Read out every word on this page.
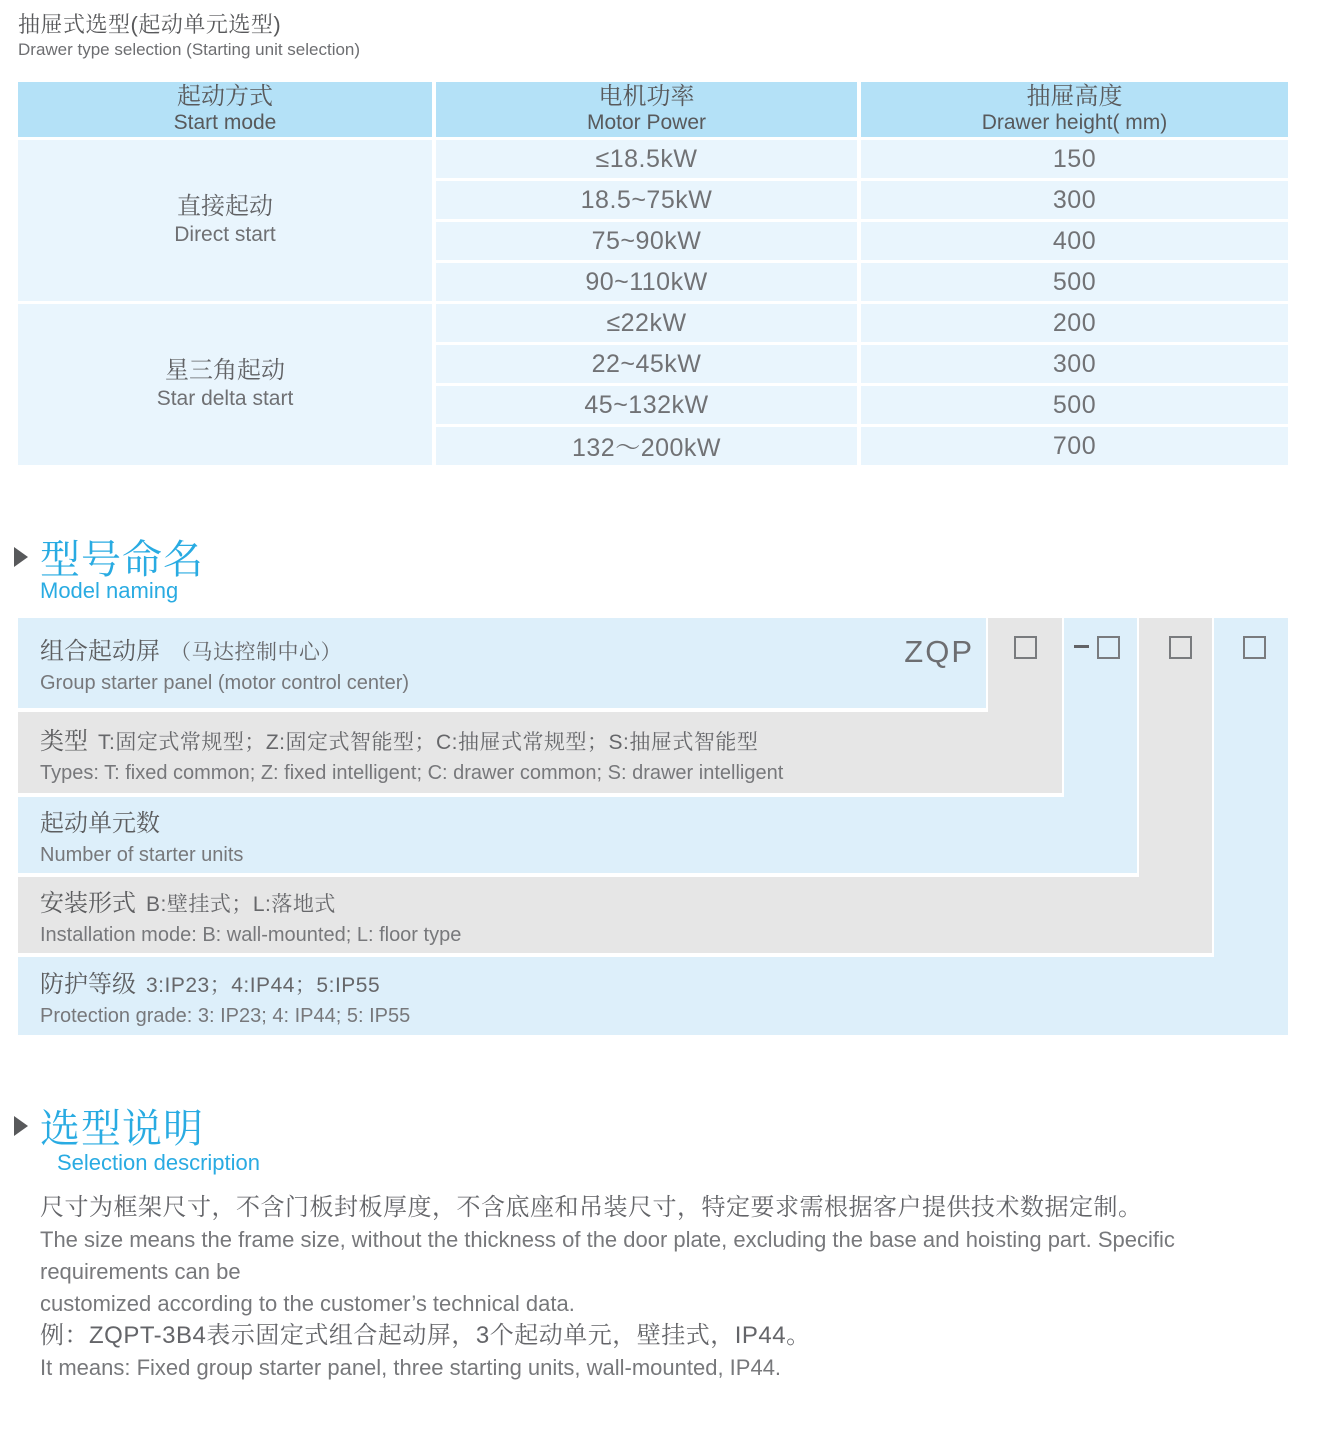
抽屉式选型(起动单元选型)
Drawer type selection (Starting unit selection)
起动方式
Start mode
电机功率
Motor Power
抽屉高度
Drawer height( mm)
直接起动
Direct start
≤18.5kW	150
18.5~75kW	300
75~90kW	400
90~110kW	500
星三角起动
Star delta start
≤22kW	200
22~45kW	300
45~132kW	500
132～200kW	700
型号命名
Model naming
组合起动屏 （马达控制中心）
Group starter panel (motor control center)
类型 T:固定式常规型；Z:固定式智能型；C:抽屉式常规型；S:抽屉式智能型
Types: T: fixed common; Z: fixed intelligent; C: drawer common; S: drawer intelligent
起动单元数
Number of starter units
安装形式 B:壁挂式；L:落地式
Installation mode: B: wall-mounted; L: floor type
防护等级 3:IP23；4:IP44；5:IP55
Protection grade: 3: IP23; 4: IP44; 5: IP55
ZQP
选型说明
Selection description
尺寸为框架尺寸，不含门板封板厚度，不含底座和吊装尺寸，特定要求需根据客户提供技术数据定制。
The size means the frame size, without the thickness of the door plate, excluding the base and hoisting part. Specific requirements can be
customized according to the customer’s technical data.
例：ZQPT-3B4表示固定式组合起动屏，3个起动单元，壁挂式，IP44。
It means: Fixed group starter panel, three starting units, wall-mounted, IP44.
